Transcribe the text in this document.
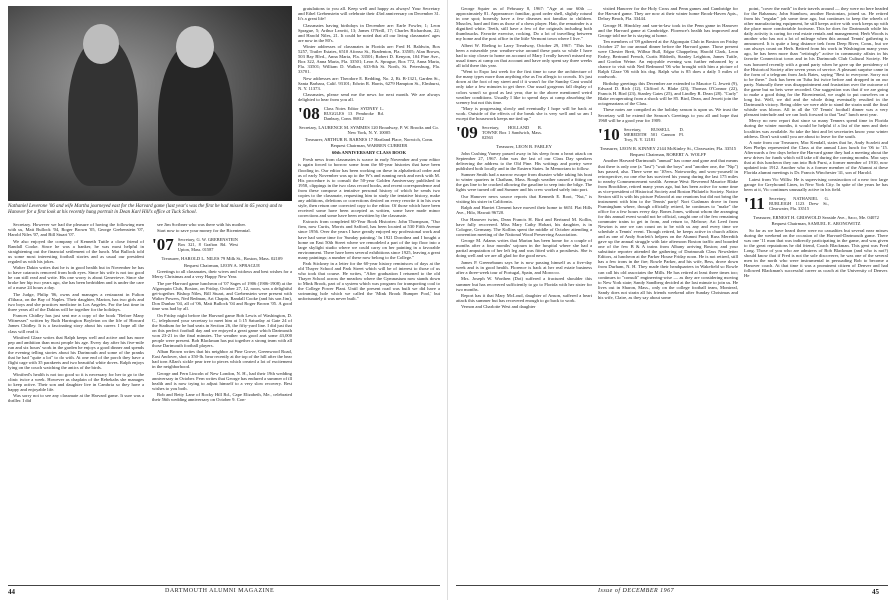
Nathaniel Leverone '06 and wife Martha journeyed east for the Harvard game (last year's was the first he had missed in 65 years) and to Hanover for a first look at his recently hung portrait in Dean Karl Hill's office at Tuck School.

Secretary. However we had the pleasure of having the following men with us, Matt Bullock '04, Roger Brown '05, George Grebenstein '07, Harold Niles '07, and Bill Stuart '07.

We also enjoyed the company of Kenneth Tuttle a close friend of Randall Cooke. Since he was a banker, he was most helpful in straightening out the financial settlement of the lunch. Mat Bullock told us some most interesting football stories and as usual our president regaled us with his jokes.

Walter Dakin writes that he is in good health but in November he has to have cataracts removed from both eyes. Since his wife is not too good he can still read and write. His one worry is about Genevieve. Since she broke her hip two years ago, she has been bedridden and is under the care of a nurse 24 hours a day.

The Judge, Philip '06, owns and manages a restaurant in Fulton d'Ithaca, on the Bay of Naples. Their daughter, Marion, has two girls and two boys and she practices medicine in Los Angeles. For the last time in three years all of the Dakins will be together for the holidays.

Frances Chidley has just sent me a copy of the book "Before Many Witnesses" written by Ruth Harrington Boyleton on the life of Howard James Chidley. It is a fascinating story about his career. I hope all the class will read it.

Winifred Glaze writes that Ralph keeps well and active and has more pep and ambition than most people his age. Every day after his five-mile run and six hours' work in the garden he enjoys a good dinner and spends the evening telling stories about his Dartmouth and some of the pranks that he had "quite a lot" to do with. At one end of the porch they have a flight cage with 35 parakeets and two beautiful white doves. Ralph enjoys lying on the couch watching the antics of the birds.

Winifred's health is not too good so it is necessary for her to go to the clinic twice a week. However as chaplain of the Rebekahs she manages to keep active. Their son and daughter live in Cambria so they have a happy and enjoyable life.

Was sorry not to see any classmate at the Harvard game. It sure was a thriller. I did

see Jim Scribner who was there with his mother.

Start now to save your money for the Bicentennial.

'07 Secretary, G. W. GREBENSTEIN Box 321, 8 Grafton Rd. West Upton, Mass. 01587

Treasurer, HAROLD L. NILES 79 Milk St., Boston, Mass. 02109

Bequest Chairman, LEON A. SPRAGUE

Greetings to all classmates, their wives and widows and best wishes for a Merry Christmas and a very Happy New Year.

The pre-Harvard game luncheon of '07 Sages of 1906 (1906-1908) at the Algonquin Club, Boston, on Friday, October 27, 12, noon, was a delightful get-together. Bishop Niles, Bill Stuart, and Grebenstein were present with Walter Powers, Ned Redman, Art Chapin, Randall Cooke (and his son Jim), Don Dunbar '04, all of '06, Matt Bullock '04 and Roger Brown '05. A good time was had by all.

On Friday night before the Harvard game Bob Lewis of Washington, D. C., telephoned your secretary to meet him at 1:15 Saturday at Gate 24 of the Stadium for he had seats in Section 26, the fifty-yard line. I did just that on this perfect football day and we enjoyed a great game which Dartmouth won 23-21 in the final minutes. The weather was good and some 43,000 people were present. Bob Blackman has put together a strong team with all those Dartmouth football players.

Alban Brown writes that his neighbor at Pine Grove, Greenwood Road, East Andover, shot a 350-lb. bear recently at the top of the hill after the bear had torn Allan's sickle pear tree to pieces which created a lot of excitement in the neighborhood.

George and Fern Lincoln of New London, N. H., had their 19th wedding anniversary in October. Fern writes that George has endured a summer of ill health and is now trying to adjust himself to a very slow recovery. Best wishes to you both.

Bob and Betty Lane of Rocky Hill Rd., Cape Elizabeth, Me., celebrated their 56th wedding anniversary on October 9. Con-

gratulations to you all. Keep well and happy as always! Your Secretary and Ethel Grebenstein will celebrate their 43rd anniversary on December 31. It's a great life!

Classmates having birthdays in December are: Earle Fowler, 1; Leon Sprague, 5; Arthur Leavitt, 13; James O'Neill, 17; Charles Richardson, 22; and Harold Niles, 21. It could be noted that all our living classmates' ages are now in the 80's.

Winter addresses of classmates in Florida are: Fred H. Baldwin, Box 5257, Trailer Estates, 6510 Afonso St., Bradenton, Fla. 33505; Alan Brown, 503 Bay Blvd., Anna Maria, Fla. 33501; Robert D. Kenyon, 104 Pine Ave., Box 322, Anna Maria, Fla. 33501; Leon A. Sprague, Box 772, Anna Maria, Fla. 33501; William D. Walker, 633-8th St. North, St. Petersburg, Fla. 33701.

New addresses are: Theodore E. Redding, No. 2, Rt. B-1321, Garden St., Santa Barbara, Calif. 93101; Edwin R. Harris, 6279 Hampton St., Elmhurst, N. Y. 11373.

Classmates, please send me the news for next month. We are always delighted to hear from you all.

'08 Class Notes Editor SYDNEY L. RUGGLES 13 Pembroke Rd. Danbury, Conn. 06812

Secretary, LAURENCE M. SYMMES 120 Broadway, P. W. Brooks and Co. New York, N. Y. 10005

Treasurer, ARTHUR B. BARNES 17 Hartland Place, Norwich, Conn.

Bequest Chairman, WARREN CURRIER

60th ANNIVERSARY CLASS BOOK

Fresh news from classmates is scarce in early November and your editor is again forced to borrow some from the 60-year histories that have been flooding in. Our editor has been working on these in alphabetical order and as of early November was up to the W's and running neck and neck with M. His procedure is to consult the 50-year Golden Anniversary published in 1958, clippings in the two class record books, and recent correspondence and from these compose a tentative personal history of which he sends two copies to the classmate, requesting him to study the tentative history, make any additions, deletions or corrections desired on every rewrite it in his own style, then return one corrected copy to the editor. Of those which have been received some have been accepted as written, some have made minor corrections and some have been rewritten by the classmate.

Extracts from completed 60-Year Book Histories: John Thompson, "Our firm, now Curtis, Morris and Safford, has been located at 530 Fifth Avenue since 1956. Over the years I have greatly enjoyed my professional work and have had some time for 'Sunday painting.' In 1921 Dorothea and I bought a home on East 50th Street where we remodeled a part of the top floor into a large skylight studio where we could carry on her painting in a favorable environment. There have been several exhibitions since 1925, leaving a great many paintings; a number of these now belong to the College."

Park Stickney in a letter for the 60-year history reminisces of days at the old Thayer School and Park Street which will be of interest to those of us who took that course. He writes, "After graduation I returned to the old Thayer School across the meadow where the Gymnasium now stands down to Mink Brook, part of a system which was program for transporting coal to the College Power Plant. Until the present road was built we did have a swimming hole which we called the 'Mink Brook Bumper Pool,' but unfortunately it was never built."

44	DARTMOUTH ALUMNI MAGAZINE

George Squier as of February 8, 1967: "Age at our 60th — approximately 81. Appearance: familiar, good order shell, slightly rotund in one spot; honestly have a few diseases not familiar to children. Muscles, hard and firm as those of a chess player. Hair, the remainder is a dignified white. Teeth, still have a few of the originals including both thumbsucks. Favorite exercise, rocking. Do a lot of travelling between my home and the post office in the little Vermont town where I live."

Albert W. Ebeling to Larry Treadway, October 29, 1967: "This has been a miserable year weather-wise around these parts so while I have had to stay closer to home on account of Mary I really haven't missed my usual times at camp on that account and have only spent say three weeks all told there this year.

"Went to Expo last week for the first time to case the architecture of the many types more than anything else as I'm allergic to crowds. It's just down at the foot of my street and if it wasn't for the Sunday Cant would only take a few minutes to get there. Our usual gorgeous fall display of colors wasn't so good as last year, due to the above mentioned weird weather conditions. Usually I like to spend days at camp absorbing the scenery but not this time.

"Mary is progressing slowly and eventually I hope will be back at work. Outside of the effects of the break she is very well and so am I except the housework keeps me tied up."

'09 Secretary, HOLLAND B. TOWNE Box 1 Sandwich, Mass. 02563

Treasurer, LEON B. FARLEY

John Cushing Varney passed away in his sleep from a heart attack on September 27, 1967. John was the last of our Class Day speakers delivering the address to the Old Pine. His writings and poetry were published both locally and in the Eastern States. In Memoriam to follow.

Sumner Smith had a narrow escape from disaster while taking his boat to winter quarters in Chatham, Mass. Rough weather caused a fitting on the gas line to be cracked allowing the gasoline to seep into the bilge. The lights were turned off and Sumner and his crew worked safely into port.

Our Hanover news source reports that Kenneth E. Root, "Nut," is visiting his sister in California.

Ralph and Harriet Clement have moved their home to 6651 Flat Hills Ave., Hilo, Hawaii 96720.

Our Hanover twins, Dean Francis H. Bird and Bertrand M. Kollin, have fully recovered. Miss Mary Cathy Hobart, his daughter, is in Cologne, Germany. The Kollins spent the middle of October attending a convention meeting of the National Wood Preserving Association.

George M. Adams writes that Marian has been home for a couple of months after a four months' sojourn in the hospital where she had a partial amputation of her left leg and was fitted with a prosthesis. She is doing well and we are all glad for the good news.

James P. Greenebaum says he is now passing himself as a five-day week and is in good health. Florence is back at her real estate business after a three-week tour of Portugal, Spain, and Morocco.

Mrs. Joseph W. Worthen (Dot) suffered a fractured shoulder this summer but has recovered sufficiently to go to Florida with her sister for two months.

Report has it that Mary McLoud, daughter of Anson, suffered a heart attack this summer but has recovered enough to go back to work.

Vernon and Charlotte West and daughter

visited Hanover for the Holy Cross and Penn games and Cambridge for the Harvard game. They are now at their winter home Brook-Haven Apts., Delray Beach, Fla. 33444.

George H. Hinckley and son-in-law took in the Penn game in Hanover and the Harvard game at Cambridge. Florence's health has improved and George told me he is staying at home.

Ten members of '09 gathered at the Algonquin Club in Boston on Friday October 27 for our annual dinner before the Harvard game. Those present were Chester Brett, Wilbur Bull, Edgar Chappelear, Harold Clark, Leon Farley, Bertrand French, Curtis Hildreth, Stanley Leighton, James Tuttle, and Gordon Weine. An enjoyable evening was further enhanced by a chance to visit with Ned Redmond '06 who brought with him a picture of Ralph Glaze '06 with his dog. Ralph who is 85 does a daily 5 miles of roadwork.

Birthday greetings this December are extended to Maurice G. Jewett (9), Edward D. Rich (12), Clifford A. Blake (23), Thomas O'Connor (22), Francis H. Bird (23), Stanley Gates (25), and Lindley R. Dean (28). "Curly" Blake recuperating from a shock will be 85. Bird, Dean, and Jewett join the octogenarians of the Class.

These notes are compiled as the holiday season is upon us. We trust the Secretary will be extend the Season's Greetings to you all and hope that 1968 will be a good year for 1909.

'10 Secretary, RUSSELL D. MEREDITH 501 Cannon Pl. Troy, N. Y. 12181

Treasurer, LEON R. KINNEY 2144 McKinley St., Clearwater, Fla. 33515

Bequest Chairman, ROBERT A. WOLFF

Another Harvard-Dartmouth "annual" has come and gone and that means that there is only one (a "last") "wait the boys" and "another one, the "Nip") has passed, also. There were no '10'ers. Noteworthy, and wow-yourself in retrospective, no one else has survived his young during the last 175 miles to nearby Commencement wealth. Avenue West: Reverend Maurice Blake from Brookline, retired many years ago, but has been active for some time as vice-president of Historical Society and Boston Philatelic Society. Notice Sexton still is with his picture Polaroid at our reunions but did not bring the instrument with him to the Tennis' party! Nort Cushman drove in from Framingham where, though officially retired, he continues to "make" the office for a few hours every day. Bones Jones, without whom the arranging for this annual event would not be official, caught one of the few remaining commuter trains to get in from, and return to, Melrose; Art Leed from Newton is one we can count on to be with us any and every time we schedule a Tennis' event. Though retired, he keeps active in church affairs and as one of Andy Scarlett's helpers on the Alumni Fund; Russ Meredith gave up the annual struggle with late afternoon Boston traffic and boarded one of the few B & A trains from Albany arriving Boston; and your substitute reporter attended the gathering of Dartmouth Class Newsletter Editors, at luncheon at the Parker House Friday noon. He is not retired, still has a few irons in the fire; Rowle Parker, and his wife, Bess, drove down from Durham, N. H. They made their headquarters in Wakefield so Rowle can call his old associates the Mills. He has retired at least three times too; continues to "consult" engineering-wise — as they are considering moving to New York state; Sandy Sandberg decided at the last minute to join us. He lives out in Sharon, Mass., only on the college football team, Montreal, Sandy does not strain all his friends weekend after Sunday Christmas and his wife, Claire, as they say about some

point, "cover the earth" in their travels around — they were no here headed for the Bahamas; John Stambow, another Bostonian, joined us. He retired from his "regular" job some time ago, but continues to keep the wheels of other manufacturing equipment, he still keeps active with work keeps up with the place more comfortable footwear. This he does for Dartmouth while his daily activity is caring for real estate rentals and management; Herb Woods is another who has not a lot of mileage when this annual Tennis' gathering is announced. It is quite a long distance trek from Deep River, Conn., but we can always count on Herb. Retired from his work in Washington many years ago, he has been more than "retiringly" active in community affairs in his favorite Connecticut town and in his Dartmouth Club Cultural Society. He was honored recently with a grand party when he gave up the presidency of the Historical Society after seven years of service. A pleasant surprise came in the form of a telegram from Jack Bates, saying "Best to everyone. Sorry not to be there." Jack has been on Tuba list twice before and dropped in on our party. Naturally there was disappointment and frustration over the outcome of the game but no bets were recorded. Our suggestion was that if we are going to make a good thing for the Bicentennial, we ought to put ourselves on a long list. Well, we did and the whole thing eventually resulted in the Dartmouth victory. Being older we were able to stand the strain until the final whistle was blown. All in all the '07 Tennis' football dinner was a very pleasant interlude and we can look forward to that "last" lunch next year.

Mercy no new report that since so many Tenners spend time in Florida during the winter months, it would be helpful if a list of the men and their localities was available. So take the hint and let secretaries know your winter address. Don't wait until you are about to leave for the south.

A note from our Treasurer, Mac Kendall, states that he, Andy Scarlett and Ken Phelps represented the Class at the annual Lion lunch for '06 to '15. Afterwards a few days before the Harvard game they had a meeting about the new drives for funds which will take off during the coming months. Mac says that at this luncheon they ran into Bob Furst, a former member of 1910, now updated into 1912. Another who is a former member of the Alumni at these Florida alumni meetings is Dr. Francis Winchester '41, son of Harold.

Latest from Vic Willis: He is supervising construction of a new two large garage for Greyhound Lines, in New York City. In spite of the years he has been at it, Vic continues unusually active in his field.

'11 Secretary, NATHANIEL G. BURLEIGH 1123 Drew St., Clearwater, Fla. 33515

Treasurer, ERNEST H. GRISWOLD Seaside Ave., Saco, Me. 04072

Bequest Chairman, SAMUEL E. ARONOWITZ

So far as we have heard there were no casualties but several near misses during the weekend on the occasion of the Harvard-Dartmouth game. There was one '11 man that was indirectly participating in the game, and was given to the great reputations he did friend, Coach Blackman. This gent was Fred Long. Those of you who are admirers of Bob Blackman (and who is not?) should know that if Fred is not the sole discoverer, he was one of the several men in the north who were instrumental in persuading Bob to become a Hanover coach. At that time it was a prominent citizen of Denver and had followed Blackman's successful career as coach at the University of Denver. He

Issue of DECEMBER 1967	45
